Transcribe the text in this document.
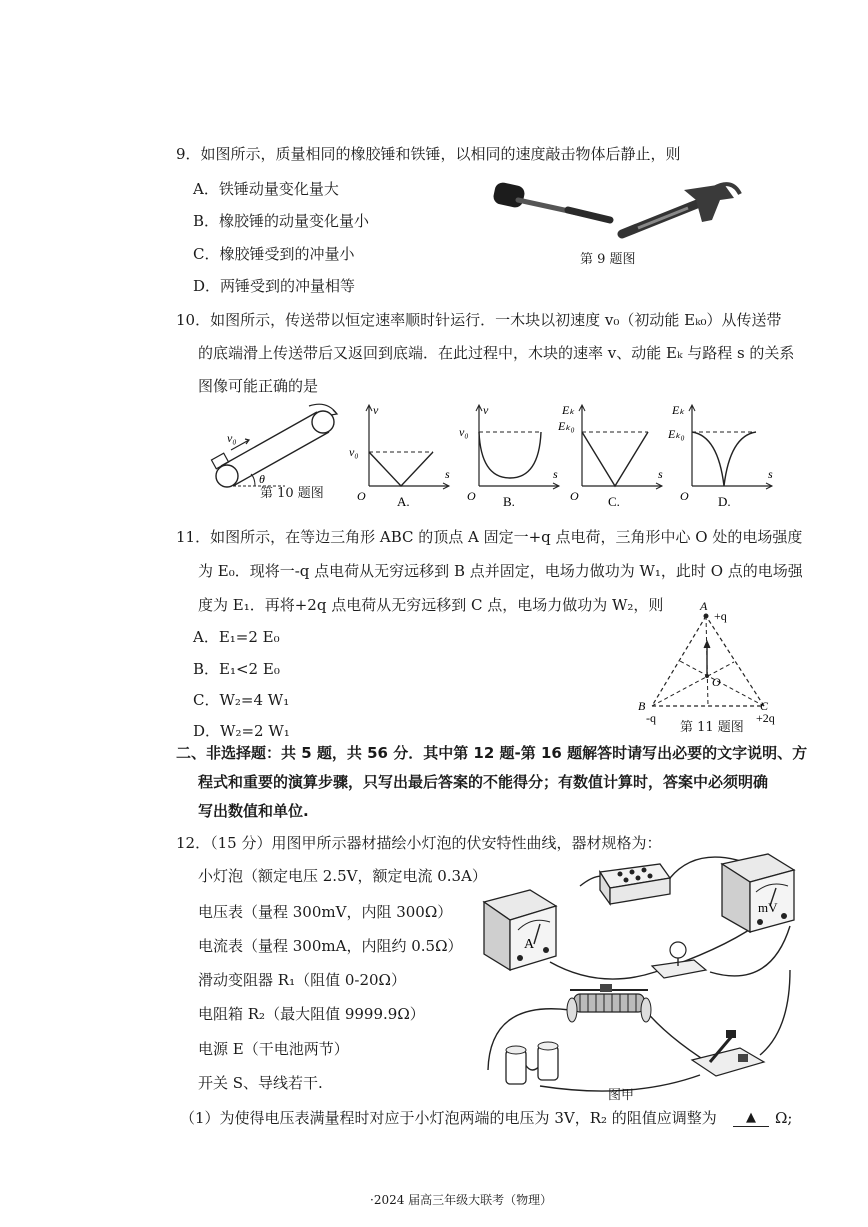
9．如图所示，质量相同的橡胶锤和铁锤，以相同的速度敲击物体后静止，则
A．铁锤动量变化量大
B．橡胶锤的动量变化量小
C．橡胶锤受到的冲量小
D．两锤受到的冲量相等
第 9 题图
10．如图所示，传送带以恒定速率顺时针运行．一木块以初速度 v₀（初动能 Eₖ₀）从传送带
的底端滑上传送带后又返回到底端．在此过程中，木块的速率 v、动能 Eₖ 与路程 s 的关系
图像可能正确的是
v₀
θ
第 10 题图
v
v₀
s
O A.
v
v₀
s
O B.
Eₖ
Eₖ₀
s
O C.
Eₖ
Eₖ₀
s
O D.
11．如图所示，在等边三角形 ABC 的顶点 A 固定一+q 点电荷，三角形中心 O 处的电场强度
为 E₀．现将一-q 点电荷从无穷远移到 B 点并固定，电场力做功为 W₁，此时 O 点的电场强
度为 E₁．再将+2q 点电荷从无穷远移到 C 点，电场力做功为 W₂，则
A．E₁=2 E₀
B．E₁<2 E₀
C．W₂=4 W₁
D．W₂=2 W₁
A
+q
O
B
-q
C
+2q
第 11 题图
二、非选择题：共 5 题，共 56 分．其中第 12 题-第 16 题解答时请写出必要的文字说明、方
程式和重要的演算步骤，只写出最后答案的不能得分；有数值计算时，答案中必须明确
写出数值和单位.
12．（15 分）用图甲所示器材描绘小灯泡的伏安特性曲线，器材规格为：
小灯泡（额定电压 2.5V，额定电流 0.3A）
电压表（量程 300mV，内阻 300Ω）
电流表（量程 300mA，内阻约 0.5Ω）
滑动变阻器 R₁（阻值 0-20Ω）
电阻箱 R₂（最大阻值 9999.9Ω）
电源 E（干电池两节）
开关 S、导线若干.
A
mV
图甲
（1）为使得电压表满量程时对应于小灯泡两端的电压为 3V，R₂ 的阻值应调整为	▲	Ω;
·2024 届高三年级大联考（物理）
